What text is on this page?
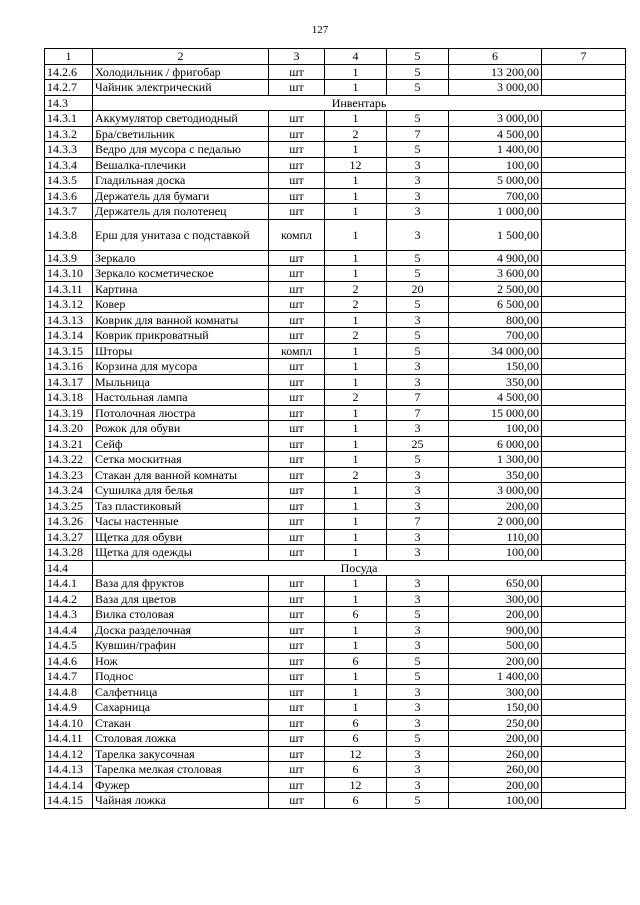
127
1	2	3	4	5	6	7
14.2.6	Холодильник / фригобар	шт	1	5	13 200,00	
14.2.7	Чайник электрический	шт	1	5	3 000,00	
14.3	Инвентарь					
14.3.1	Аккумулятор светодиодный	шт	1	5	3 000,00	
14.3.2	Бра/светильник	шт	2	7	4 500,00	
14.3.3	Ведро для мусора с педалью	шт	1	5	1 400,00	
14.3.4	Вешалка-плечики	шт	12	3	100,00	
14.3.5	Гладильная доска	шт	1	3	5 000,00	
14.3.6	Держатель для бумаги	шт	1	3	700,00	
14.3.7	Держатель для полотенец	шт	1	3	1 000,00	
14.3.8	Ерш для унитаза с подставкой	компл	1	3	1 500,00	
14.3.9	Зеркало	шт	1	5	4 900,00	
14.3.10	Зеркало косметическое	шт	1	5	3 600,00	
14.3.11	Картина	шт	2	20	2 500,00	
14.3.12	Ковер	шт	2	5	6 500,00	
14.3.13	Коврик для ванной комнаты	шт	1	3	800,00	
14.3.14	Коврик прикроватный	шт	2	5	700,00	
14.3.15	Шторы	компл	1	5	34 000,00	
14.3.16	Корзина для мусора	шт	1	3	150,00	
14.3.17	Мыльница	шт	1	3	350,00	
14.3.18	Настольная лампа	шт	2	7	4 500,00	
14.3.19	Потолочная люстра	шт	1	7	15 000,00	
14.3.20	Рожок для обуви	шт	1	3	100,00	
14.3.21	Сейф	шт	1	25	6 000,00	
14.3.22	Сетка москитная	шт	1	5	1 300,00	
14.3.23	Стакан для ванной комнаты	шт	2	3	350,00	
14.3.24	Сушилка для белья	шт	1	3	3 000,00	
14.3.25	Таз пластиковый	шт	1	3	200,00	
14.3.26	Часы настенные	шт	1	7	2 000,00	
14.3.27	Щетка для обуви	шт	1	3	110,00	
14.3.28	Щетка для одежды	шт	1	3	100,00	
14.4	Посуда					
14.4.1	Ваза для фруктов	шт	1	3	650,00	
14.4.2	Ваза для цветов	шт	1	3	300,00	
14.4.3	Вилка столовая	шт	6	5	200,00	
14.4.4	Доска разделочная	шт	1	3	900,00	
14.4.5	Кувшин/графин	шт	1	3	500,00	
14.4.6	Нож	шт	6	5	200,00	
14.4.7	Поднос	шт	1	5	1 400,00	
14.4.8	Салфетница	шт	1	3	300,00	
14.4.9	Сахарница	шт	1	3	150,00	
14.4.10	Стакан	шт	6	3	250,00	
14.4.11	Столовая ложка	шт	6	5	200,00	
14.4.12	Тарелка закусочная	шт	12	3	260,00	
14.4.13	Тарелка мелкая столовая	шт	6	3	260,00	
14.4.14	Фужер	шт	12	3	200,00	
14.4.15	Чайная ложка	шт	6	5	100,00	
